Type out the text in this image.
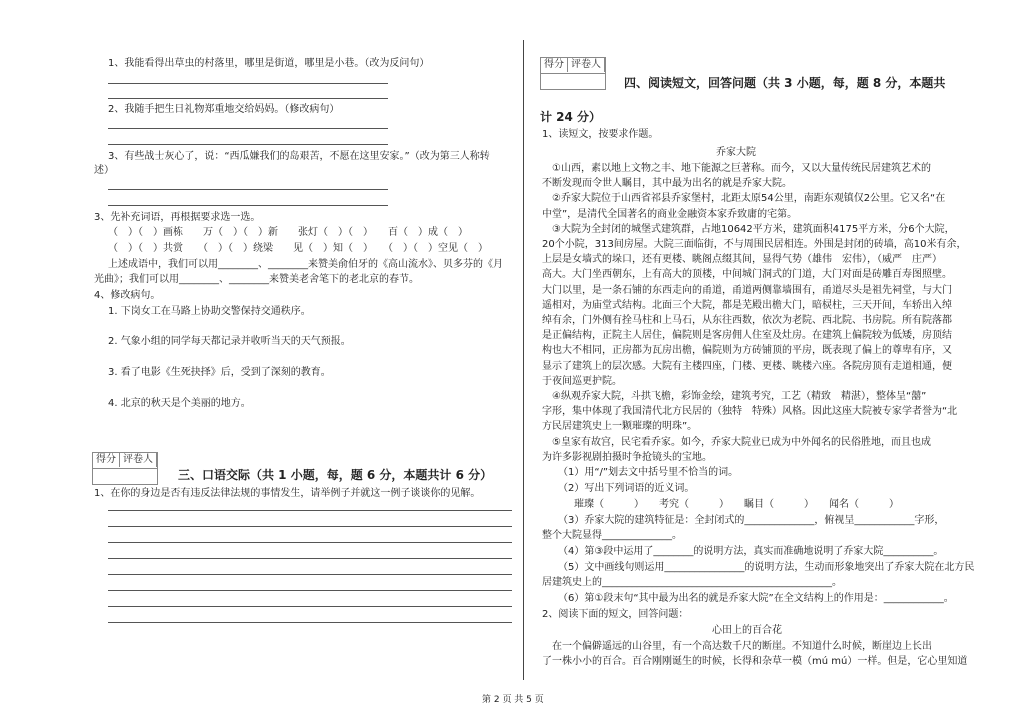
1、我能看得出草虫的村落里，哪里是街道，哪里是小巷。（改为反问句）
2、我随手把生日礼物郑重地交给妈妈。（修改病句）
3、有些战士灰心了，说：“西瓜嫌我们的岛艰苦，不愿在这里安家。”（改为第三人称转
述）
3、先补充词语，再根据要求选一选。
（　）（　）画栋　　万（　）（　）新　　张灯（　）（　）　　百（　）成（　）
（　）（　）共赏　　（　）（　）绕梁　　见（　）知（　）　　（　）（　）空见（　）
上述成语中，我们可以用________、________来赞美俞伯牙的《高山流水》、贝多芬的《月
光曲》；我们可以用________、________来赞美老舍笔下的老北京的春节。
4、修改病句。
1. 下岗女工在马路上协助交警保持交通秩序。
2. 气象小组的同学每天都记录并收听当天的天气预报。
3. 看了电影《生死抉择》后，受到了深刻的教育。
4. 北京的秋天是个美丽的地方。
得分 评卷人
三、口语交际（共 1 小题，每，题 6 分，本题共计 6 分）
1、在你的身边是否有违反法律法规的事情发生，请举例子并就这一例子谈谈你的见解。
得分 评卷人
四、阅读短文，回答问题（共 3 小题，每，题 8 分，本题共
计 24 分）
1、读短文，按要求作题。
乔家大院
　①山西，素以地上文物之丰、地下能源之巨著称。而今，又以大量传统民居建筑艺术的
不断发现而令世人瞩目，其中最为出名的就是乔家大院。
　②乔家大院位于山西省祁县乔家堡村，北距太原54公里，南距东观镇仅2公里。它又名“在
中堂”，是清代全国著名的商业金融资本家乔致庸的宅第。
　③大院为全封闭的城堡式建筑群，占地10642平方米，建筑面积4175平方米，分6个大院，
20个小院，313间房屋。大院三面临街，不与周围民居相连。外围是封闭的砖墙，高10米有余，
上层是女墙式的垛口，还有更楼、眺阁点缀其间，显得气势（雄伟　宏伟），（威严　庄严）
高大。大门坐西朝东，上有高大的顶楼，中间城门洞式的门道，大门对面是砖雕百寿图照壁。
大门以里，是一条石铺的东西走向的甬道，甬道两侧靠墙围有，甬道尽头是祖先祠堂，与大门
遥相对，为庙堂式结构。北面三个大院，都是芜殿出檐大门，暗棂柱，三天开间，车轿出入绰
绰有余，门外侧有拴马柱和上马石，从东往西数，依次为老院、西北院、书房院。所有院落都
是正偏结构，正院主人居住，偏院则是客房佣人住室及灶房。在建筑上偏院较为低矮，房顶结
构也大不相同，正房都为瓦房出檐，偏院则为方砖铺顶的平房，既表现了偏上的尊卑有序，又
显示了建筑上的层次感。大院有主楼四座，门楼、更楼、眺楼六座。各院房顶有走道相通，便
于夜间巡更护院。
　④纵观乔家大院，斗拱飞檐，彩饰金绘，建筑考究，工艺（精致　精湛），整体呈“囍”
字形，集中体现了我国清代北方民居的（独特　特殊）风格。因此这座大院被专家学者誉为“北
方民居建筑史上一颗璀璨的明珠”。
　⑤皇家有故宫，民宅看乔家。如今，乔家大院业已成为中外闻名的民俗胜地，而且也成
为许多影视剧拍摄时争抢镜头的宝地。
（1）用“/”划去文中括号里不恰当的词。
（2）写出下列词语的近义词。
璀璨（　　　）　　考究（　　　）　　瞩目（　　　）　　闻名（　　　）
（3）乔家大院的建筑特征是：全封闭式的______________，俯视呈____________字形，
整个大院显得______________。
（4）第③段中运用了________的说明方法，真实而准确地说明了乔家大院__________。
（5）文中画线句则运用________________的说明方法，生动而形象地突出了乔家大院在北方民
居建筑史上的______________________________________________。
（6）第①段末句“其中最为出名的就是乔家大院”在全文结构上的作用是：____________。
2、阅读下面的短文，回答问题：
心田上的百合花
　在一个偏僻遥远的山谷里，有一个高达数千尺的断崖。不知道什么时候，断崖边上长出
了一株小小的百合。百合刚刚诞生的时候，长得和杂草一模（mú mú）一样。但是，它心里知道
第 2 页 共 5 页
